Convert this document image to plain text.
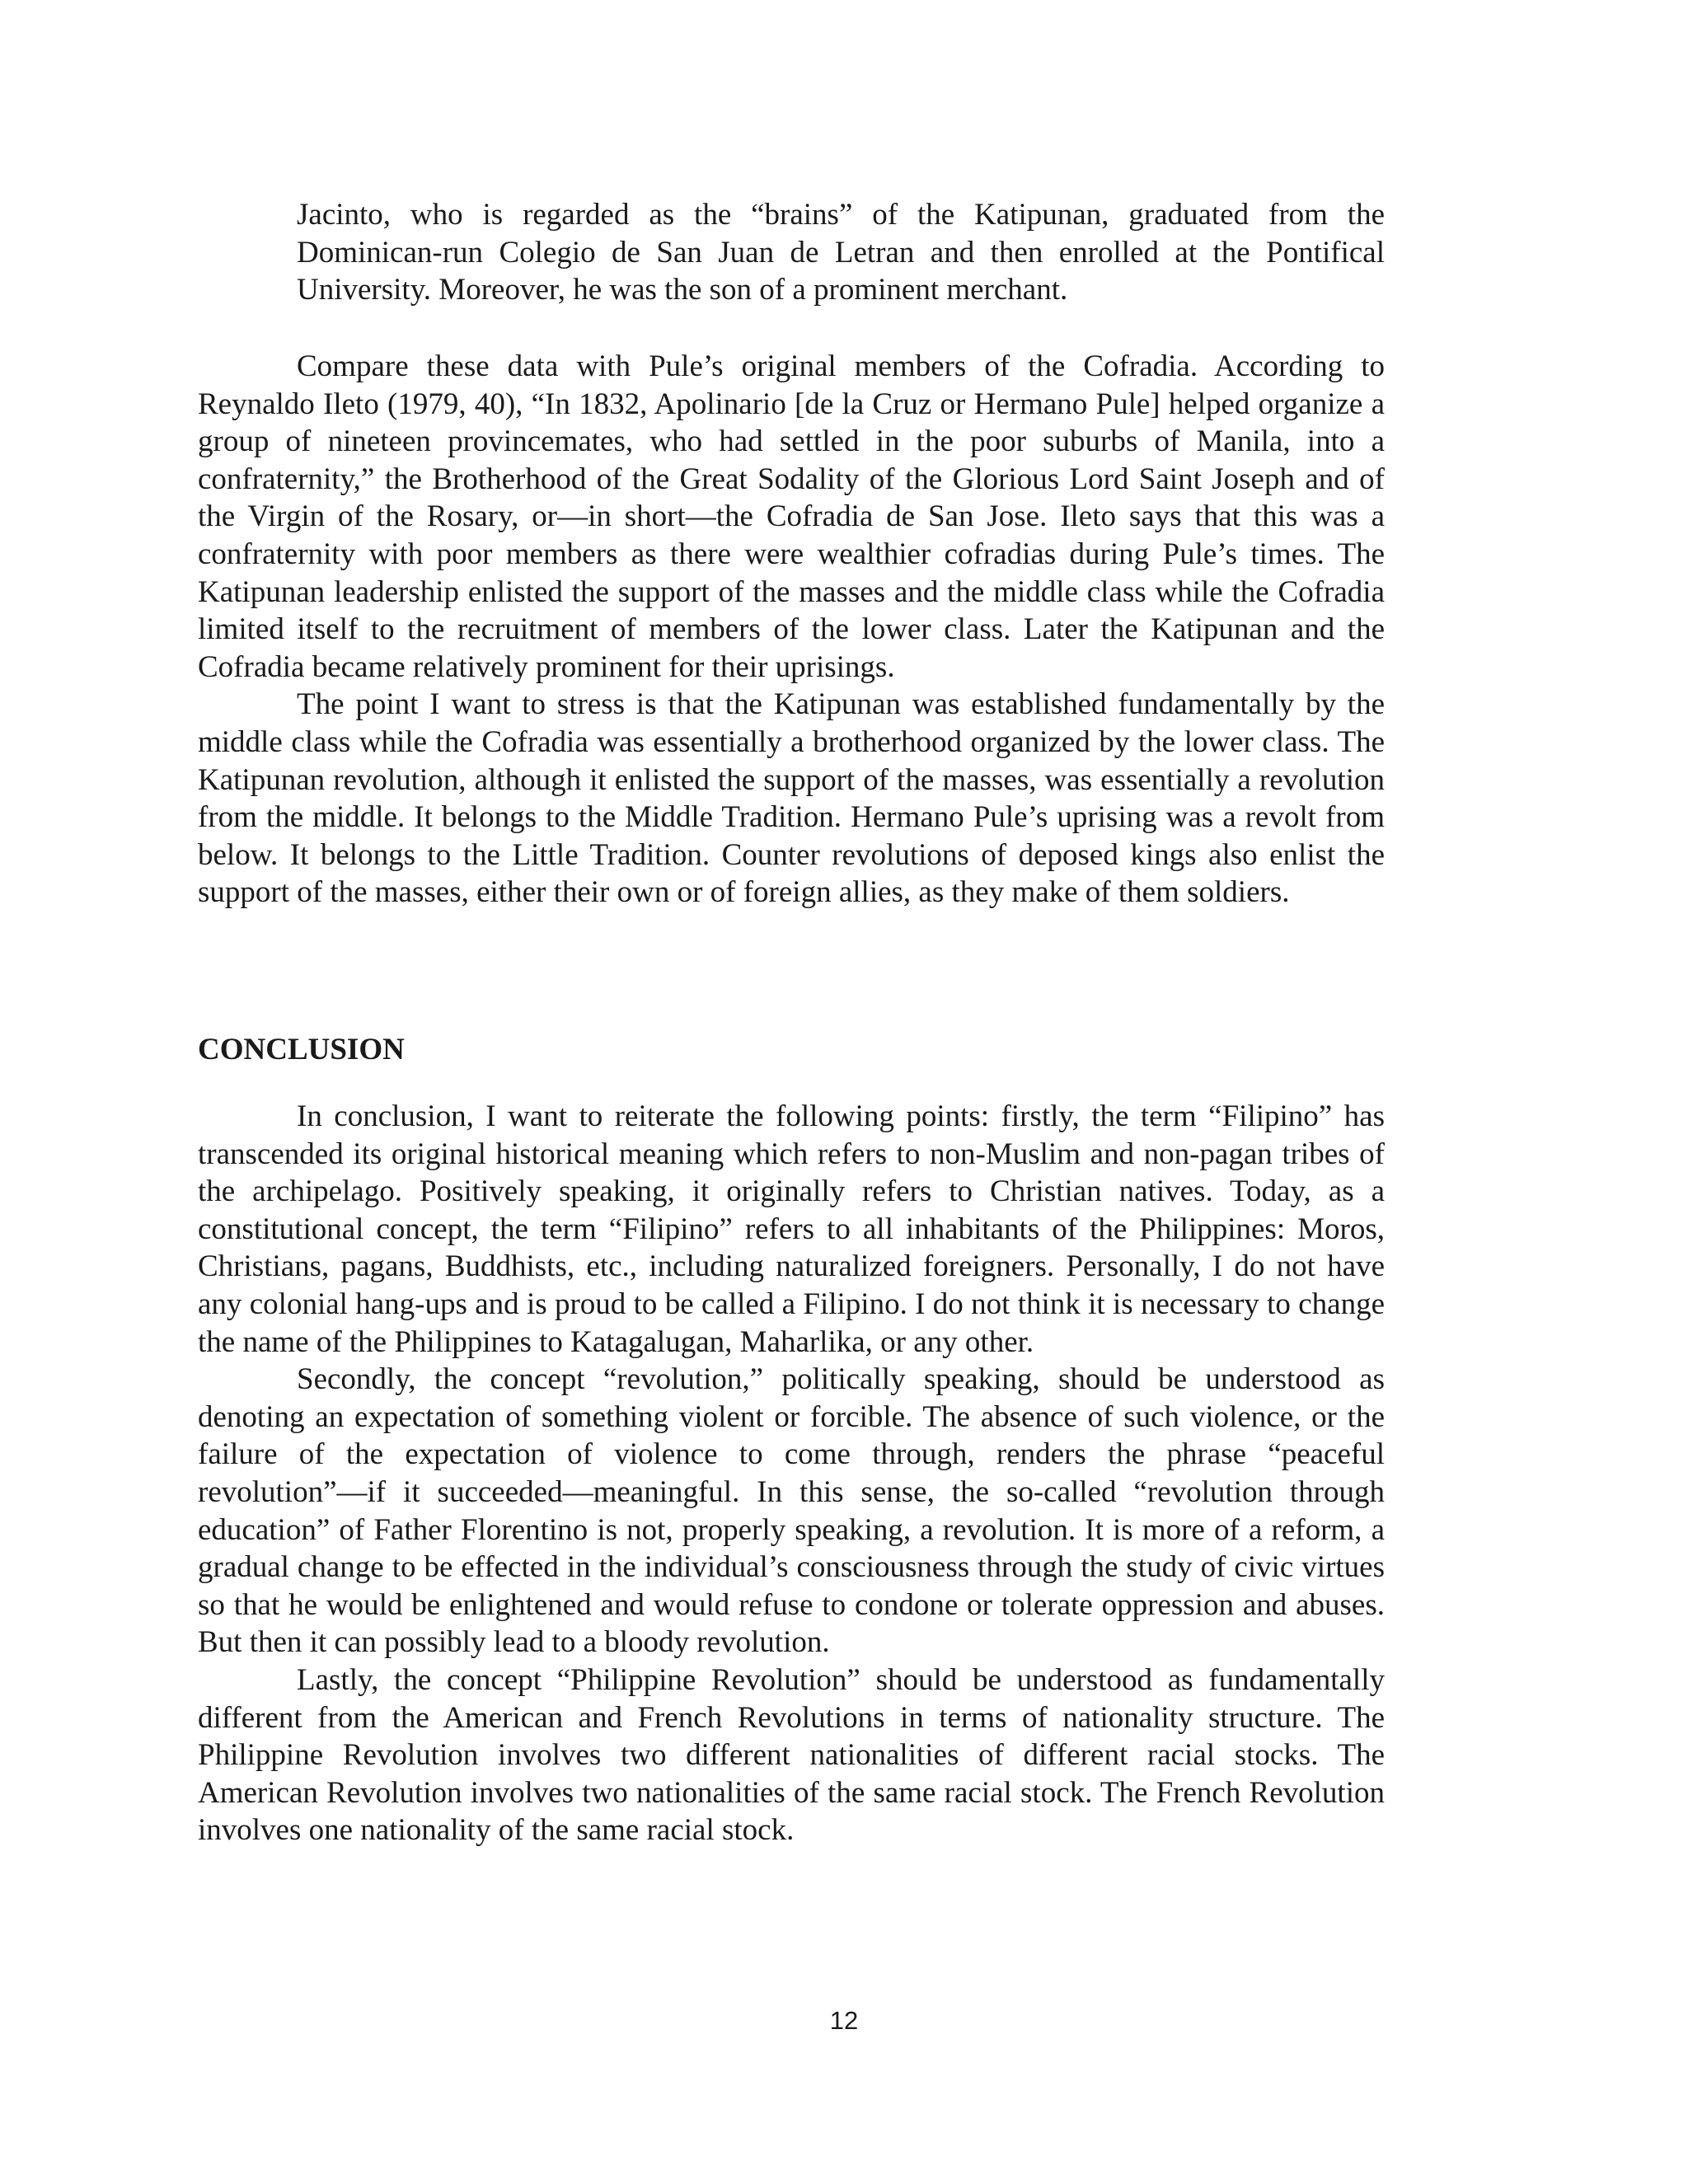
Jacinto, who is regarded as the “brains” of the Katipunan, graduated from the Dominican-run Colegio de San Juan de Letran and then enrolled at the Pontifical University. Moreover, he was the son of a prominent merchant.

Compare these data with Pule’s original members of the Cofradia. According to Reynaldo Ileto (1979, 40), “In 1832, Apolinario [de la Cruz or Hermano Pule] helped organize a group of nineteen provincemates, who had settled in the poor suburbs of Manila, into a confraternity,” the Brotherhood of the Great Sodality of the Glorious Lord Saint Joseph and of the Virgin of the Rosary, or—in short—the Cofradia de San Jose. Ileto says that this was a confraternity with poor members as there were wealthier cofradias during Pule’s times. The Katipunan leadership enlisted the support of the masses and the middle class while the Cofradia limited itself to the recruitment of members of the lower class. Later the Katipunan and the Cofradia became relatively prominent for their uprisings.

The point I want to stress is that the Katipunan was established fundamentally by the middle class while the Cofradia was essentially a brotherhood organized by the lower class. The Katipunan revolution, although it enlisted the support of the masses, was essentially a revolution from the middle. It belongs to the Middle Tradition. Hermano Pule’s uprising was a revolt from below. It belongs to the Little Tradition. Counter revolutions of deposed kings also enlist the support of the masses, either their own or of foreign allies, as they make of them soldiers.

CONCLUSION

In conclusion, I want to reiterate the following points: firstly, the term “Filipino” has transcended its original historical meaning which refers to non-Muslim and non-pagan tribes of the archipelago. Positively speaking, it originally refers to Christian natives. Today, as a constitutional concept, the term “Filipino” refers to all inhabitants of the Philippines: Moros, Christians, pagans, Buddhists, etc., including naturalized foreigners. Personally, I do not have any colonial hang-ups and is proud to be called a Filipino. I do not think it is necessary to change the name of the Philippines to Katagalugan, Maharlika, or any other.

Secondly, the concept “revolution,” politically speaking, should be understood as denoting an expectation of something violent or forcible. The absence of such violence, or the failure of the expectation of violence to come through, renders the phrase “peaceful revolution”—if it succeeded—meaningful. In this sense, the so-called “revolution through education” of Father Florentino is not, properly speaking, a revolution. It is more of a reform, a gradual change to be effected in the individual’s consciousness through the study of civic virtues so that he would be enlightened and would refuse to condone or tolerate oppression and abuses. But then it can possibly lead to a bloody revolution.

Lastly, the concept “Philippine Revolution” should be understood as fundamentally different from the American and French Revolutions in terms of nationality structure. The Philippine Revolution involves two different nationalities of different racial stocks. The American Revolution involves two nationalities of the same racial stock. The French Revolution involves one nationality of the same racial stock.

12
